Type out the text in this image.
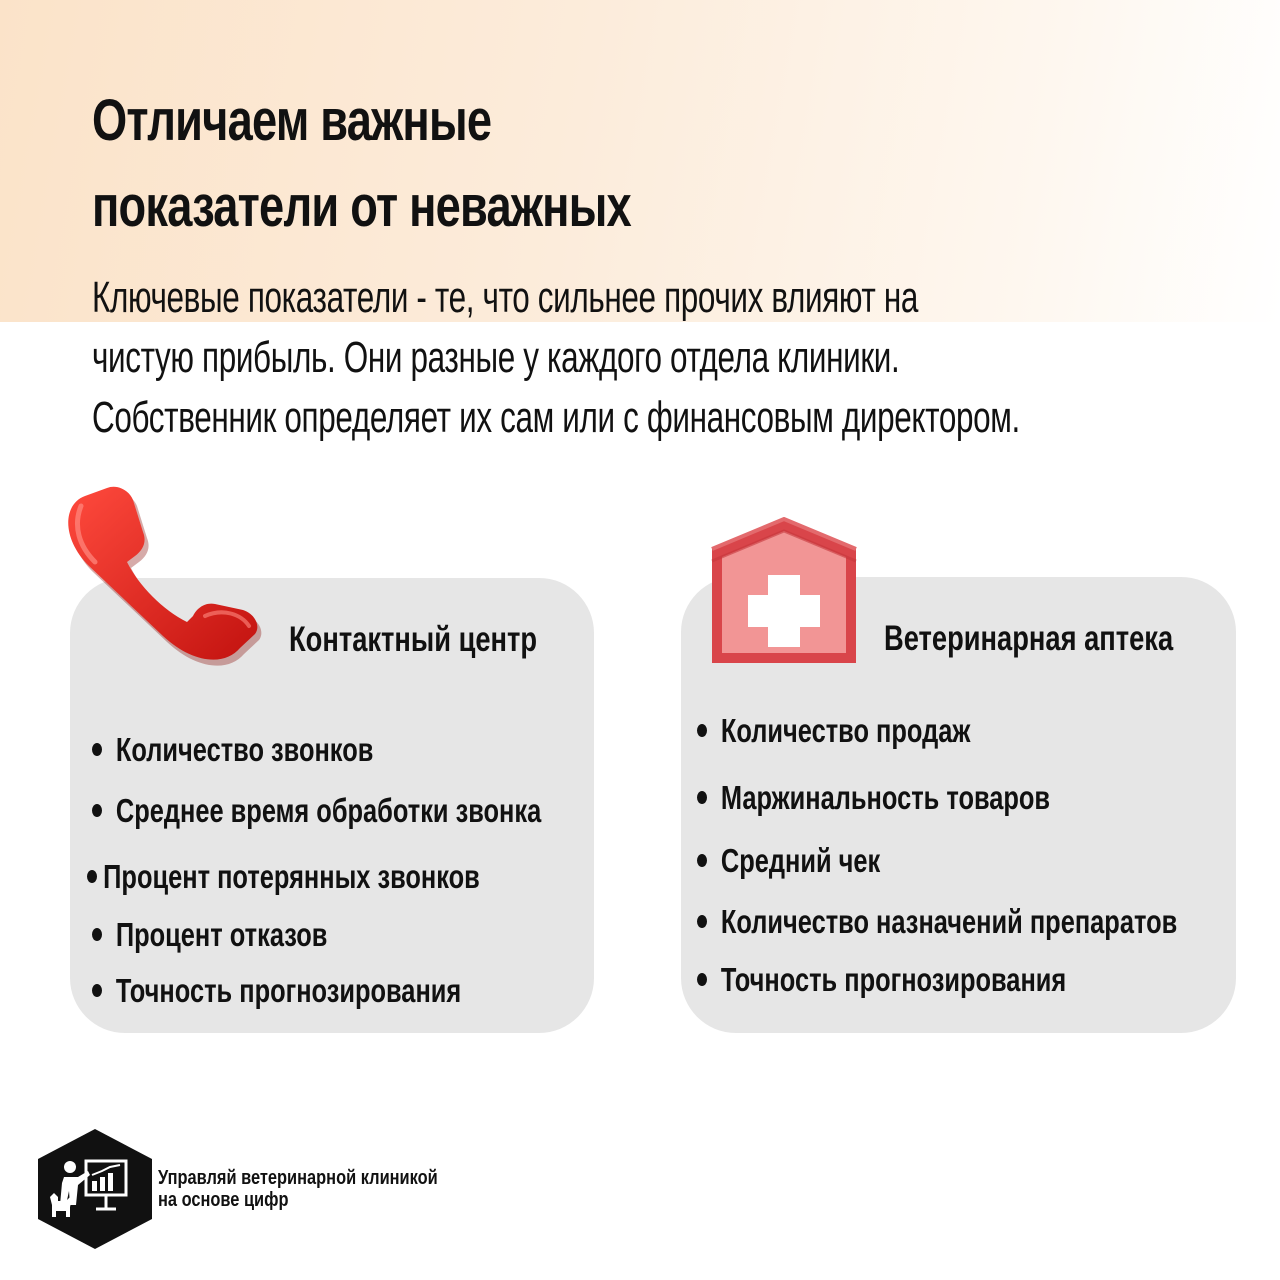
Отличаем важные
показатели от неважных

Ключевые показатели - те, что сильнее прочих влияют на
чистую прибыль. Они разные у каждого отдела клиники.
Собственник определяет их сам или с финансовым директором.

Контактный центр
Количество звонков
Среднее время обработки звонка
Процент потерянных звонков
Процент отказов
Точность прогнозирования
Ветеринарная аптека
Количество продаж
Маржинальность товаров
Средний чек
Количество назначений препаратов
Точность прогнозирования
Управляй ветеринарной клиникой
на основе цифр
